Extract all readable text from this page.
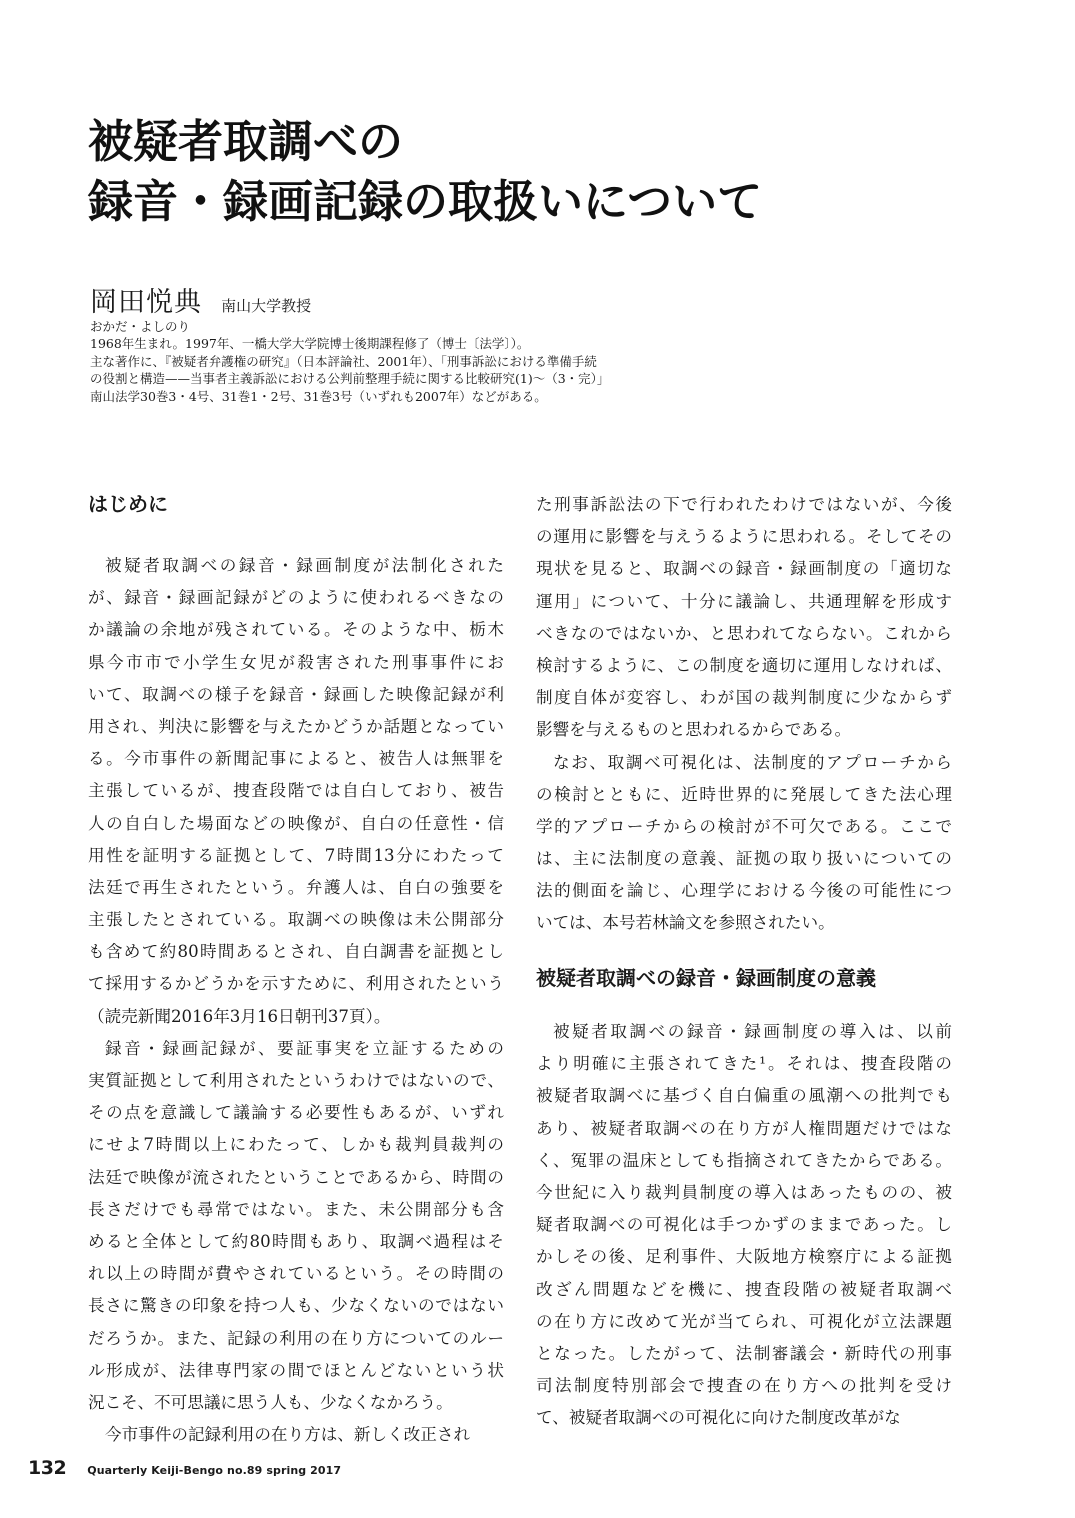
被疑者取調べの
録音・録画記録の取扱いについて
岡田悦典 南山大学教授
おかだ・よしのり
1968年生まれ。1997年、一橋大学大学院博士後期課程修了（博士〔法学〕）。
主な著作に、『被疑者弁護権の研究』（日本評論社、2001年）、「刑事訴訟における準備手続
の役割と構造——当事者主義訴訟における公判前整理手続に関する比較研究(1)〜（3・完）」
南山法学30巻3・4号、31巻1・2号、31巻3号（いずれも2007年）などがある。
はじめに
被疑者取調べの録音・録画制度が法制化された
が、録音・録画記録がどのように使われるべきなの
か議論の余地が残されている。そのような中、栃木
県今市市で小学生女児が殺害された刑事事件にお
いて、取調べの様子を録音・録画した映像記録が利
用され、判決に影響を与えたかどうか話題となってい
る。今市事件の新聞記事によると、被告人は無罪を
主張しているが、捜査段階では自白しており、被告
人の自白した場面などの映像が、自白の任意性・信
用性を証明する証拠として、7時間13分にわたって
法廷で再生されたという。弁護人は、自白の強要を
主張したとされている。取調べの映像は未公開部分
も含めて約80時間あるとされ、自白調書を証拠とし
て採用するかどうかを示すために、利用されたという
（読売新聞2016年3月16日朝刊37頁）。
録音・録画記録が、要証事実を立証するための
実質証拠として利用されたというわけではないので、
その点を意識して議論する必要性もあるが、いずれ
にせよ7時間以上にわたって、しかも裁判員裁判の
法廷で映像が流されたということであるから、時間の
長さだけでも尋常ではない。また、未公開部分も含
めると全体として約80時間もあり、取調べ過程はそ
れ以上の時間が費やされているという。その時間の
長さに驚きの印象を持つ人も、少なくないのではない
だろうか。また、記録の利用の在り方についてのルー
ル形成が、法律専門家の間でほとんどないという状
況こそ、不可思議に思う人も、少なくなかろう。
今市事件の記録利用の在り方は、新しく改正され
た刑事訴訟法の下で行われたわけではないが、今後
の運用に影響を与えうるように思われる。そしてその
現状を見ると、取調べの録音・録画制度の「適切な
運用」について、十分に議論し、共通理解を形成す
べきなのではないか、と思われてならない。これから
検討するように、この制度を適切に運用しなければ、
制度自体が変容し、わが国の裁判制度に少なからず
影響を与えるものと思われるからである。
なお、取調べ可視化は、法制度的アプローチから
の検討とともに、近時世界的に発展してきた法心理
学的アプローチからの検討が不可欠である。ここで
は、主に法制度の意義、証拠の取り扱いについての
法的側面を論じ、心理学における今後の可能性につ
いては、本号若林論文を参照されたい。
被疑者取調べの録音・録画制度の意義
被疑者取調べの録音・録画制度の導入は、以前
より明確に主張されてきた¹。それは、捜査段階の
被疑者取調べに基づく自白偏重の風潮への批判でも
あり、被疑者取調べの在り方が人権問題だけではな
く、冤罪の温床としても指摘されてきたからである。
今世紀に入り裁判員制度の導入はあったものの、被
疑者取調べの可視化は手つかずのままであった。し
かしその後、足利事件、大阪地方検察庁による証拠
改ざん問題などを機に、捜査段階の被疑者取調べ
の在り方に改めて光が当てられ、可視化が立法課題
となった。したがって、法制審議会・新時代の刑事
司法制度特別部会で捜査の在り方への批判を受け
て、被疑者取調べの可視化に向けた制度改革がな
132 Quarterly Keiji-Bengo no.89 spring 2017
